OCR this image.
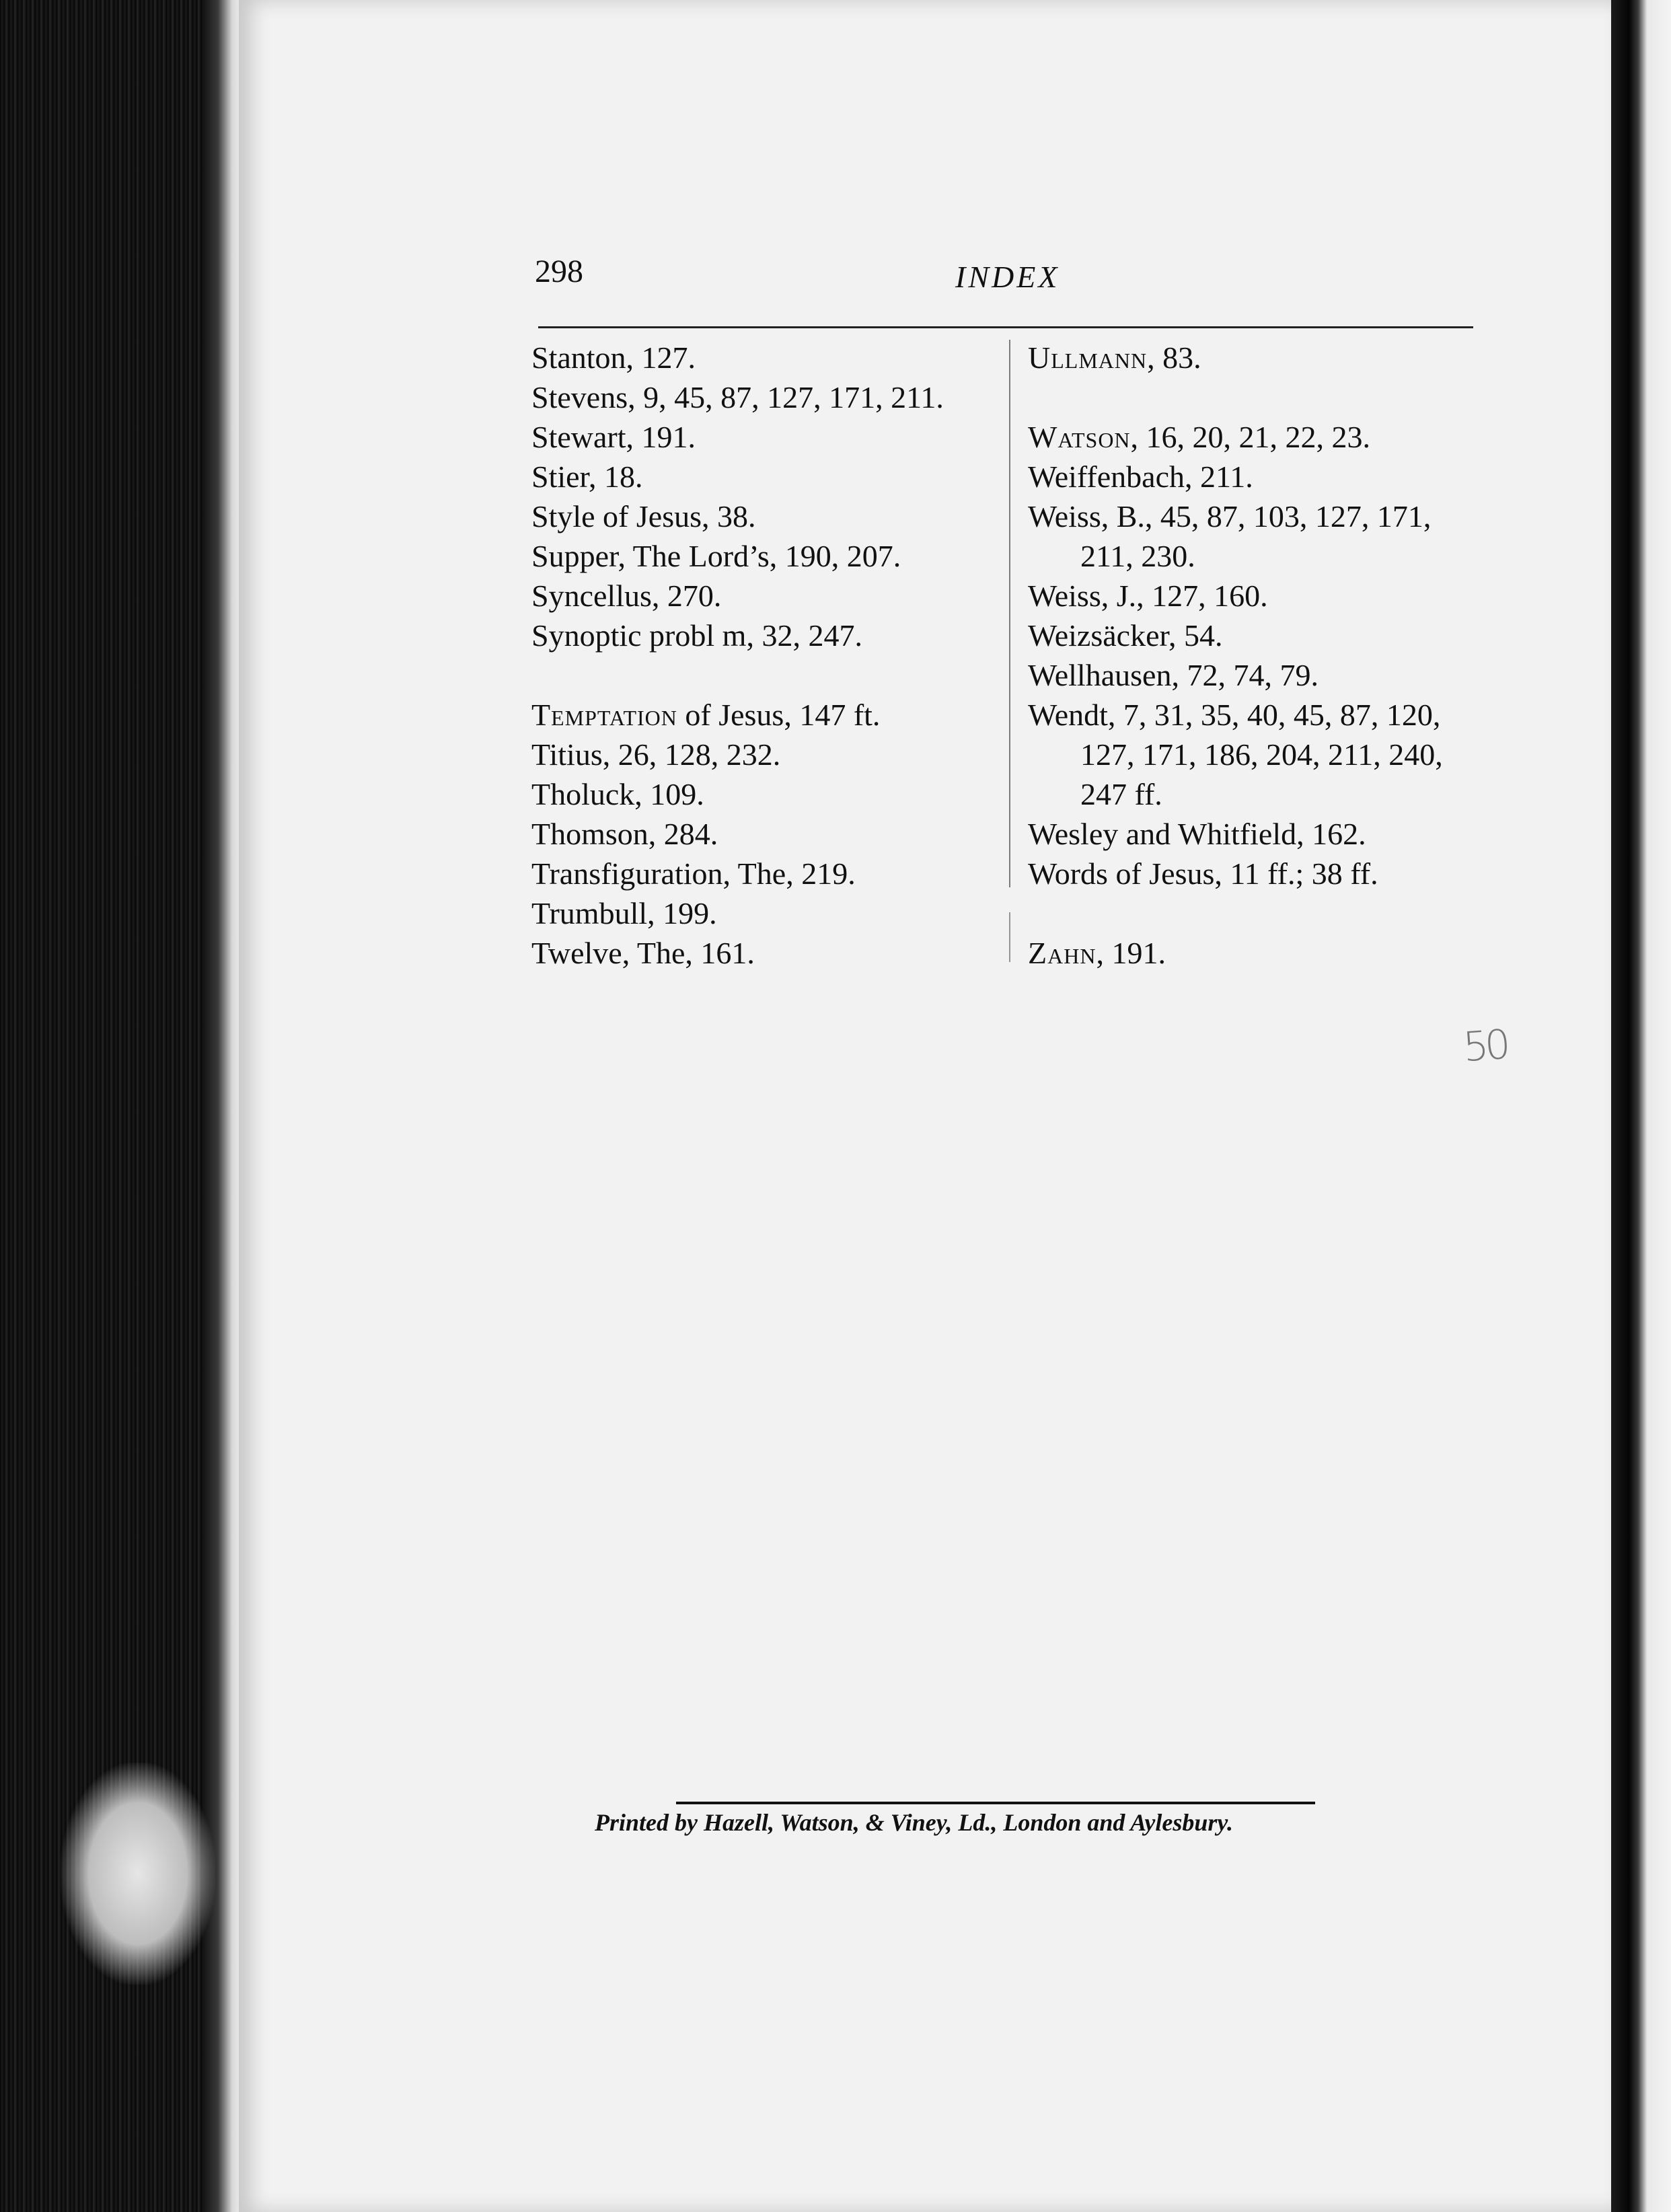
298	INDEX
Stanton, 127.
Stevens, 9, 45, 87, 127, 171, 211.
Stewart, 191.
Stier, 18.
Style of Jesus, 38.
Supper, The Lord’s, 190, 207.
Syncellus, 270.
Synoptic probl m, 32, 247.
Temptation of Jesus, 147 ft.
Titius, 26, 128, 232.
Tholuck, 109.
Thomson, 284.
Transfiguration, The, 219.
Trumbull, 199.
Twelve, The, 161.
Ullmann, 83.
Watson, 16, 20, 21, 22, 23.
Weiffenbach, 211.
Weiss, B., 45, 87, 103, 127, 171,
211, 230.
Weiss, J., 127, 160.
Weizsäcker, 54.
Wellhausen, 72, 74, 79.
Wendt, 7, 31, 35, 40, 45, 87, 120,
127, 171, 186, 204, 211, 240,
247 ff.
Wesley and Whitfield, 162.
Words of Jesus, 11 ff.; 38 ff.
Zahn, 191.
50
Printed by Hazell, Watson, & Viney, Ld., London and Aylesbury.
